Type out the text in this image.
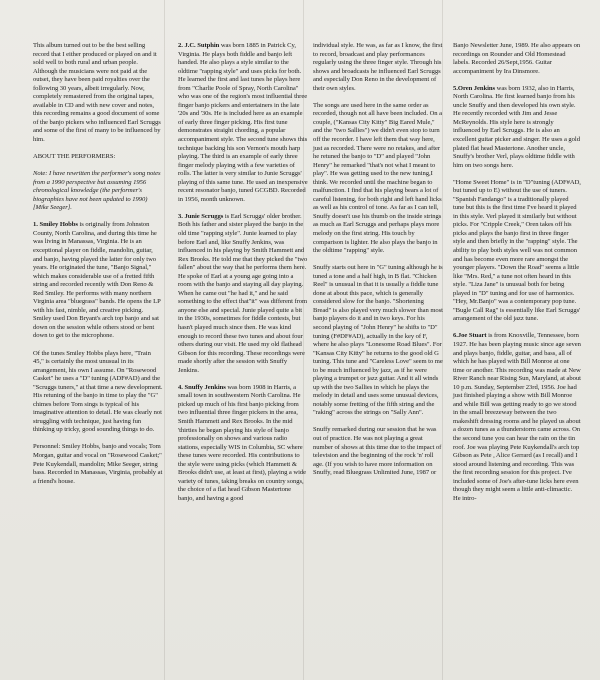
This album turned out to be the best selling record that I either produced or played on and it sold well to both rural and urban people. Although the musicians were not paid at the outset, they have been paid royalties over the following 30 years, albeit irregularly. Now, completely remastered from the original tapes, available in CD and with new cover and notes, this recording remains a good document of some of the banjo pickers who influenced Earl Scruggs and some of the first of many to be influenced by him.

ABOUT THE PERFORMERS:

Note: I have rewritten the performer's song notes from a 1990 perspective but assuming 1956 chronological knowledge (the performer's biographies have not been updated to 1990) [Mike Seeger].

1. Smiley Hobbs is originally from Johnston County, North Carolina, and during this time he was living in Manassas, Virginia. He is an exceptional player on fiddle, mandolin, guitar, and banjo, having played the latter for only two years. He originated the tune, "Banjo Signal," which makes considerable use of a fretted fifth string and recorded recently with Don Reno & Red Smiley. He performs with many northern Virginia area "bluegrass" bands. He opens the LP with his fast, nimble, and creative picking. Smiley used Don Bryant's arch top banjo and sat down on the session while others stood or bent down to get to the microphone.

Of the tunes Smiley Hobbs plays here, "Train 45," is certainly the most unusual in its arrangement, his own I assume. On "Rosewood Casket" he uses a "D" tuning (ADF#AD) and the "Scruggs tuners," at that time a new development. His retuning of the banjo in time to play the "G" chimes before Tom sings is typical of his imaginative attention to detail. He was clearly not struggling with technique, just having fun thinking up tricky, good sounding things to do.

Personnel: Smiley Hobbs, banjo and vocals; Tom Morgan, guitar and vocal on "Rosewood Casket;" Pete Kuykendall, mandolin; Mike Seeger, string bass. Recorded in Manassas, Virginia, probably at a friend's house.

2. J.C. Sutphin was born 1885 in Patrick Cy, Virginia. He plays both fiddle and banjo left handed. He also plays a style similar to the oldtime "rapping style" and uses picks for both. He learned the first and last tunes he plays here from "Charlie Poole of Spray, North Carolina" who was one of the region's most influential three finger banjo pickers and entertainers in the late '20s and '30s. He is included here as an example of early three finger picking. His first tune demonstrates straight chording, a popular accompaniment style. The second tune shows this technique backing his son Vernon's mouth harp playing. The third is an example of early three finger melody playing with a few varieties of rolls. The latter is very similar to Junie Scruggs' playing of this same tune. He used an inexpensive recent resonator banjo, tuned GCGBD. Recorded in 1956, month unknown.

3. Junie Scruggs is Earl Scruggs' older brother. Both his father and sister played the banjo in the old time "rapping style". Junie learned to play before Earl and, like Snuffy Jenkins, was influenced in his playing by Smith Hammett and Rex Brooks. He told me that they picked the "two fallen" about the way that he performs them here. He spoke of Earl at a young age going into a room with the banjo and staying all day playing. When he came out "he had it," and he said something to the effect that"it" was different from anyone else and special. Junie played quite a bit in the 1930s, sometimes for fiddle contests, but hasn't played much since then. He was kind enough to record these two tunes and about four others during our visit. He used my old flathead Gibson for this recording. These recordings were made shortly after the session with Snuffy Jenkins.

4. Snuffy Jenkins was born 1908 in Harris, a small town in southwestern North Carolina. He picked up much of his first banjo picking from two influential three finger pickers in the area, Smith Hammett and Rex Brooks. In the mid 'thirties he began playing his style of banjo professionally on shows and various radio stations, especially WIS in Columbia, SC where these tunes were recorded. His contributions to the style were using picks (which Hammett & Brooks didn't use, at least at first), playing a wide variety of tunes, taking breaks on country songs, the choice of a flat head Gibson Mastertone banjo, and having a good

individual style. He was, as far as I know, the first to record, broadcast and play performances regularly using the three finger style. Through his shows and broadcasts he influenced Earl Scruggs and especially Don Reno in the development of their own styles.

The songs are used here in the same order as recorded, though not all have been included. On a couple, ("Kansas City Kitty" Big Eared Mule," and the "two Sallies") we didn't even stop to turn off the recorder. I have left them that way here, just as recorded. There were no retakes, and after he retuned the banjo to "D" and played "John Henry" he remarked "that's not what I meant to play". He was getting used to the new tuning,I think. We recorded until the machine began to malfunction. I find that his playing bears a lot of careful listening, for both right and left hand licks as well as his control of tone. As far as I can tell, Snuffy doesn't use his thumb on the inside strings as much as Earl Scruggs and perhaps plays more melody on the first string. His touch by comparison is lighter. He also plays the banjo in the oldtime "rapping" style.

Snuffy starts out here in "G" tuning although he is tuned a tone and a half high, in B flat. "Chicken Reel" is unusual in that it is usually a fiddle tune done at about this pace, which is generally considered slow for the banjo. "Shortening Bread" is also played very much slower than most banjo players do it and in two keys. For his second playing of "John Henry" he shifts to "D" tuning (F#DF#AD), actually in the key of F, where he also plays "Lonesome Road Blues". For "Kansas City Kitty" he returns to the good old G tuning. This tune and "Careless Love" seem to me to be much influenced by jazz, as if he were playing a trumpet or jazz guitar. And it all winds up with the two Sallies in which he plays the melody in detail and uses some unusual devices, notably some fretting of the fifth string and the "raking" across the strings on "Sally Ann".

Snuffy remarked during our session that he was out of practice. He was not playing a great number of shows at this time due to the impact of television and the beginning of the rock 'n' roll age. (If you wish to have more information on Snuffy, read Bluegrass Unlimited June, 1987 or

Banjo Newsletter June, 1989. He also appears on recordings on Rounder and Old Homestead labels. Recorded 26/Sept,1956. Guitar accompaniment by Ira Dinsmore.

5.Oren Jenkins was born 1932, also in Harris, North Carolina. He first learned banjo from his uncle Snuffy and then developed his own style. He recently recorded with Jim and Jesse McReynolds. His style here is strongly influenced by Earl Scruggs. He is also an excellent guitar picker and singer. He uses a gold plated flat head Mastertone. Another uncle, Snuffy's brother Verl, plays oldtime fiddle with him on two songs here.

"Home Sweet Home" is in "D"tuning (ADF#AD, but tuned up to E) without the use of tuners. "Spanish Fandango" is a traditionally played tune but this is the first time I've heard it played in this style. Verl played it similarly but without picks. For "Cripple Creek," Oren takes off his picks and plays the banjo first in three finger style and then briefly in the "rapping" style. The ability to play both styles well was not common and has become even more rare amongst the younger players. "Down the Road" seems a little like "Mrs. Red," a tune not often heard in this style. "Liza Jane" is unusual both for being played in "D" tuning and for use of harmonics. "Hey, Mr.Banjo" was a contemporary pop tune. "Bugle Call Rag" is essentially like Earl Scruggs' arrangement of the old jazz tune.

6.Joe Stuart is from Knoxville, Tennessee, born 1927. He has been playing music since age seven and plays banjo, fiddle, guitar, and bass, all of which he has played with Bill Monroe at one time or another. This recording was made at New River Ranch near Rising Sun, Maryland, at about 10 p.m. Sunday, September 23rd, 1956. Joe had just finished playing a show with Bill Monroe and while Bill was getting ready to go we stood in the small breezeway between the two makeshift dressing rooms and he played us about a dozen tunes as a thunderstorm came across. On the second tune you can hear the rain on the tin roof. Joe was playing Pete Kuykendall's arch top Gibson as Pete , Alice Gerrard (as I recall) and I stood around listening and recording. This was the first recording session for this project. I've included some of Joe's after-tune licks here even though they might seem a little anti-climactic. He intro-
